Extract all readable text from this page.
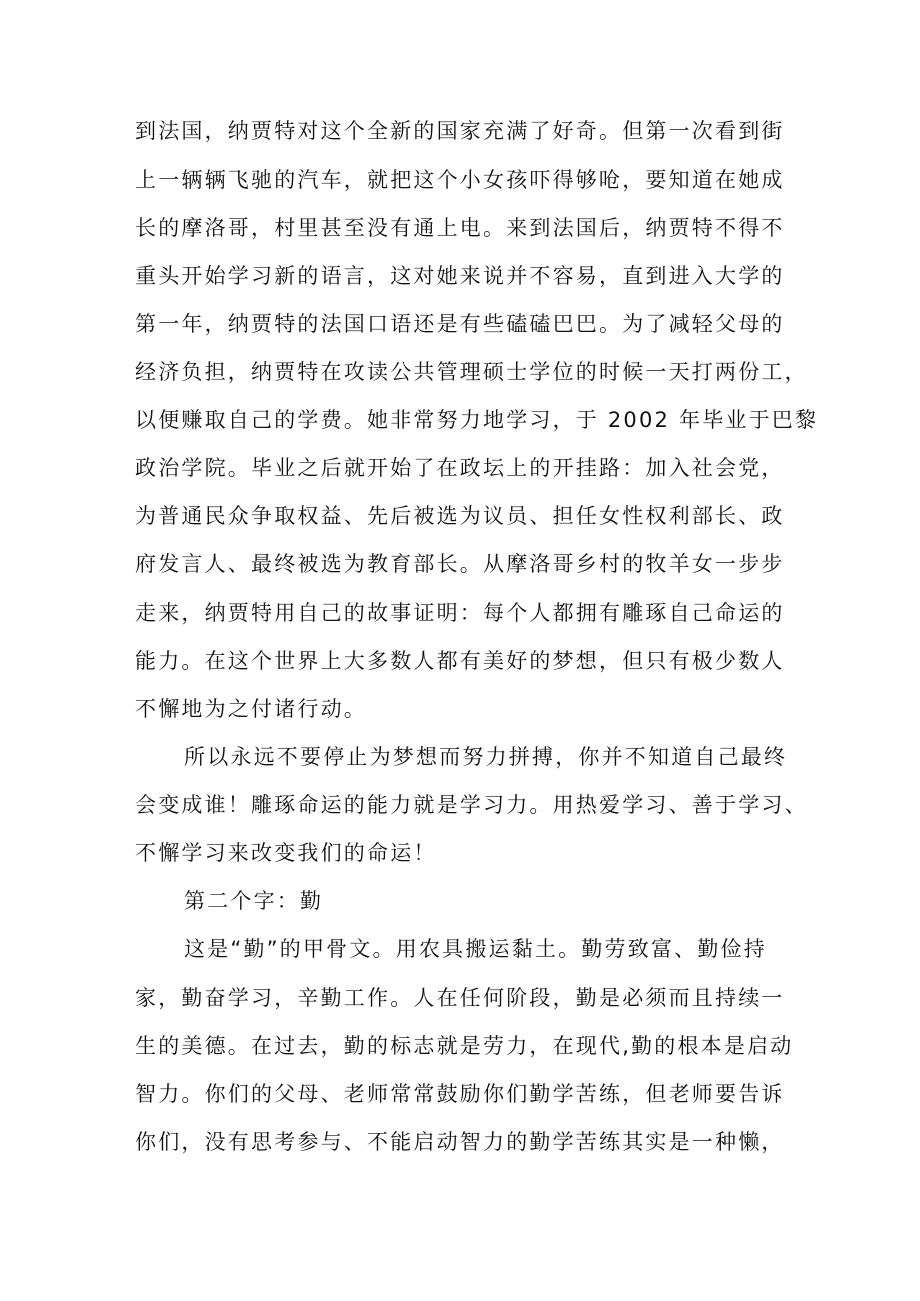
到法国，纳贾特对这个全新的国家充满了好奇。但第一次看到街
上一辆辆飞驰的汽车，就把这个小女孩吓得够呛，要知道在她成
长的摩洛哥，村里甚至没有通上电。来到法国后，纳贾特不得不
重头开始学习新的语言，这对她来说并不容易，直到进入大学的
第一年，纳贾特的法国口语还是有些磕磕巴巴。为了减轻父母的
经济负担，纳贾特在攻读公共管理硕士学位的时候一天打两份工，
以便赚取自己的学费。她非常努力地学习，于 2002 年毕业于巴黎
政治学院。毕业之后就开始了在政坛上的开挂路：加入社会党，
为普通民众争取权益、先后被选为议员、担任女性权利部长、政
府发言人、最终被选为教育部长。从摩洛哥乡村的牧羊女一步步
走来，纳贾特用自己的故事证明：每个人都拥有雕琢自己命运的
能力。在这个世界上大多数人都有美好的梦想，但只有极少数人
不懈地为之付诸行动。
所以永远不要停止为梦想而努力拼搏，你并不知道自己最终
会变成谁！雕琢命运的能力就是学习力。用热爱学习、善于学习、
不懈学习来改变我们的命运！
第二个字：勤
这是“勤”的甲骨文。用农具搬运黏土。勤劳致富、勤俭持
家，勤奋学习，辛勤工作。人在任何阶段，勤是必须而且持续一
生的美德。在过去，勤的标志就是劳力，在现代,勤的根本是启动
智力。你们的父母、老师常常鼓励你们勤学苦练，但老师要告诉
你们，没有思考参与、不能启动智力的勤学苦练其实是一种懒，
